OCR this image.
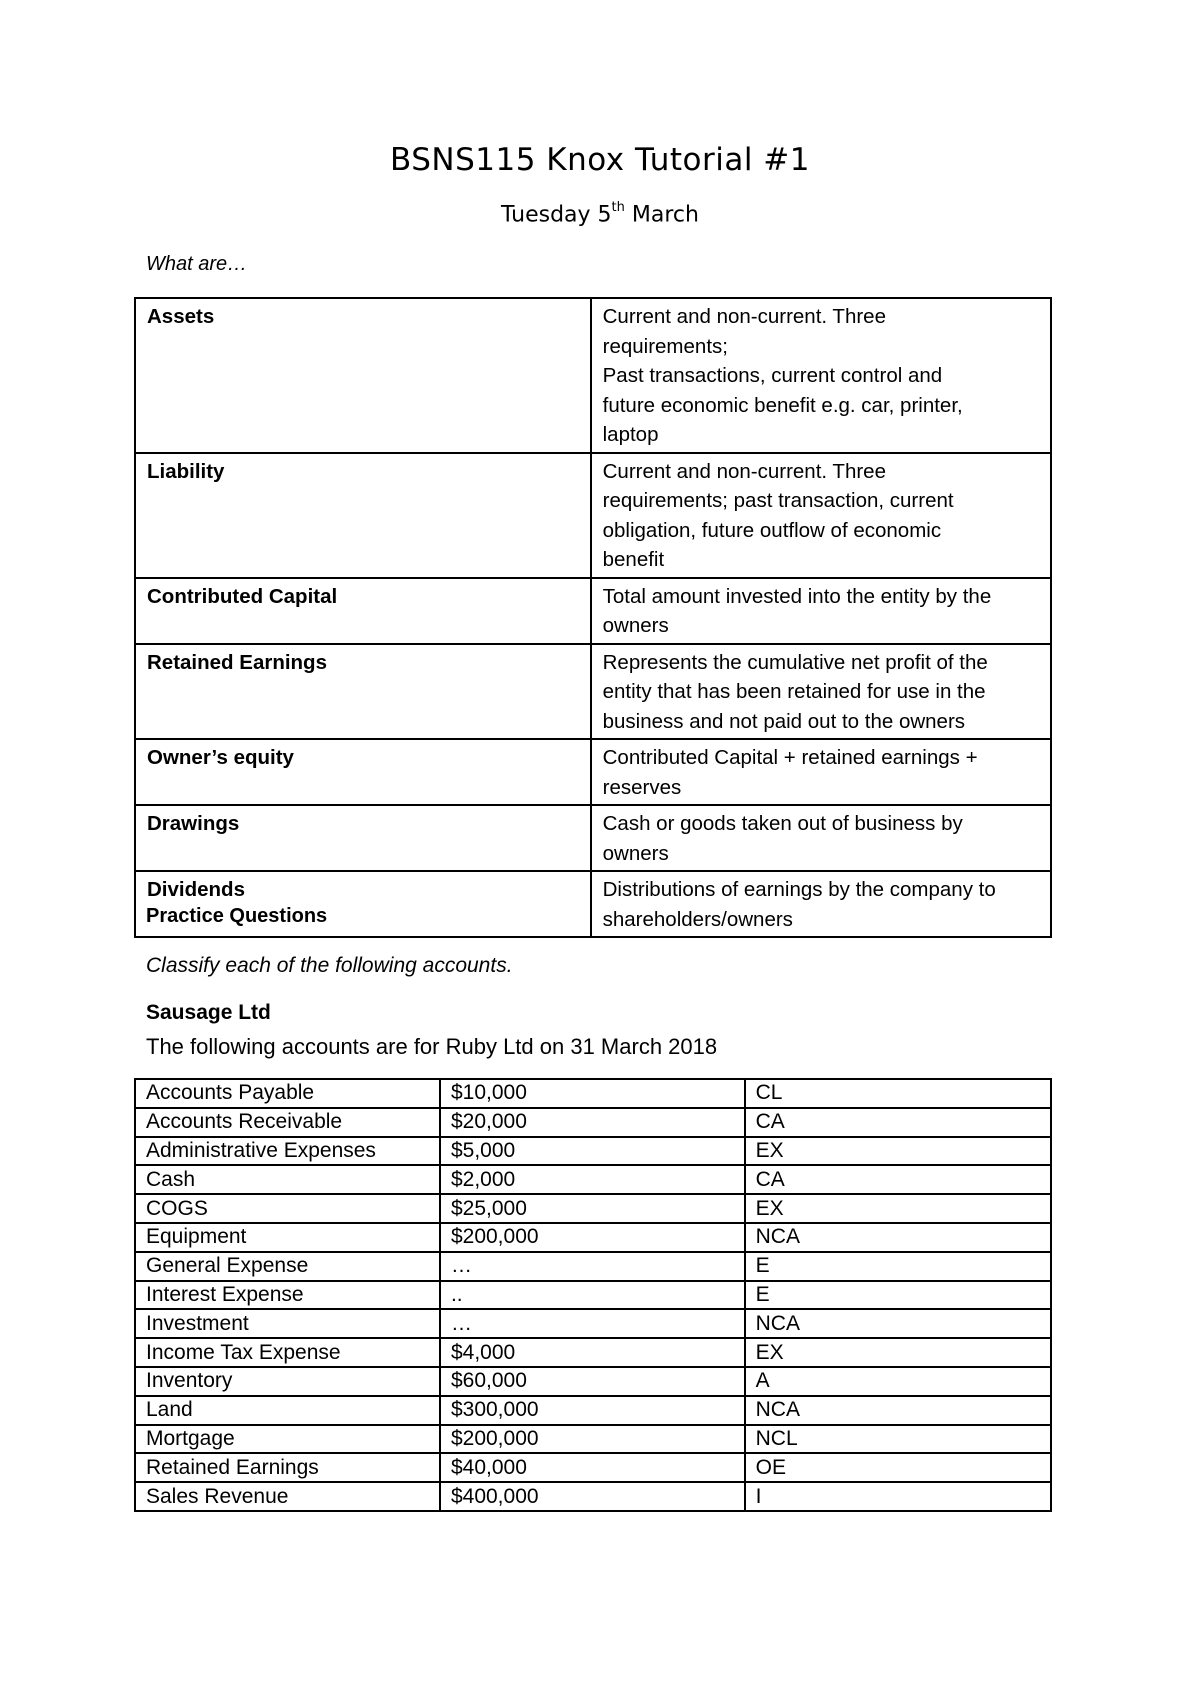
BSNS115 Knox Tutorial #1
Tuesday 5th March
What are…
Assets	Current and non-current. Three
requirements;
Past transactions, current control and
future economic benefit e.g. car, printer,
laptop

Liability	Current and non-current. Three
requirements; past transaction, current
obligation, future outflow of economic
benefit

Contributed Capital	Total amount invested into the entity by the
owners

Retained Earnings	Represents the cumulative net profit of the
entity that has been retained for use in the
business and not paid out to the owners

Owner’s equity	Contributed Capital + retained earnings +
reserves

Drawings	Cash or goods taken out of business by
owners

Dividends	Distributions of earnings by the company to
shareholders/owners
Practice Questions
Classify each of the following accounts.
Sausage Ltd
The following accounts are for Ruby Ltd on 31 March 2018
Accounts Payable	$10,000	CL
Accounts Receivable	$20,000	CA
Administrative Expenses	$5,000	EX
Cash	$2,000	CA
COGS	$25,000	EX
Equipment	$200,000	NCA
General Expense	…	E
Interest Expense	..	E
Investment	…	NCA
Income Tax Expense	$4,000	EX
Inventory	$60,000	A
Land	$300,000	NCA
Mortgage	$200,000	NCL
Retained Earnings	$40,000	OE
Sales Revenue	$400,000	I
